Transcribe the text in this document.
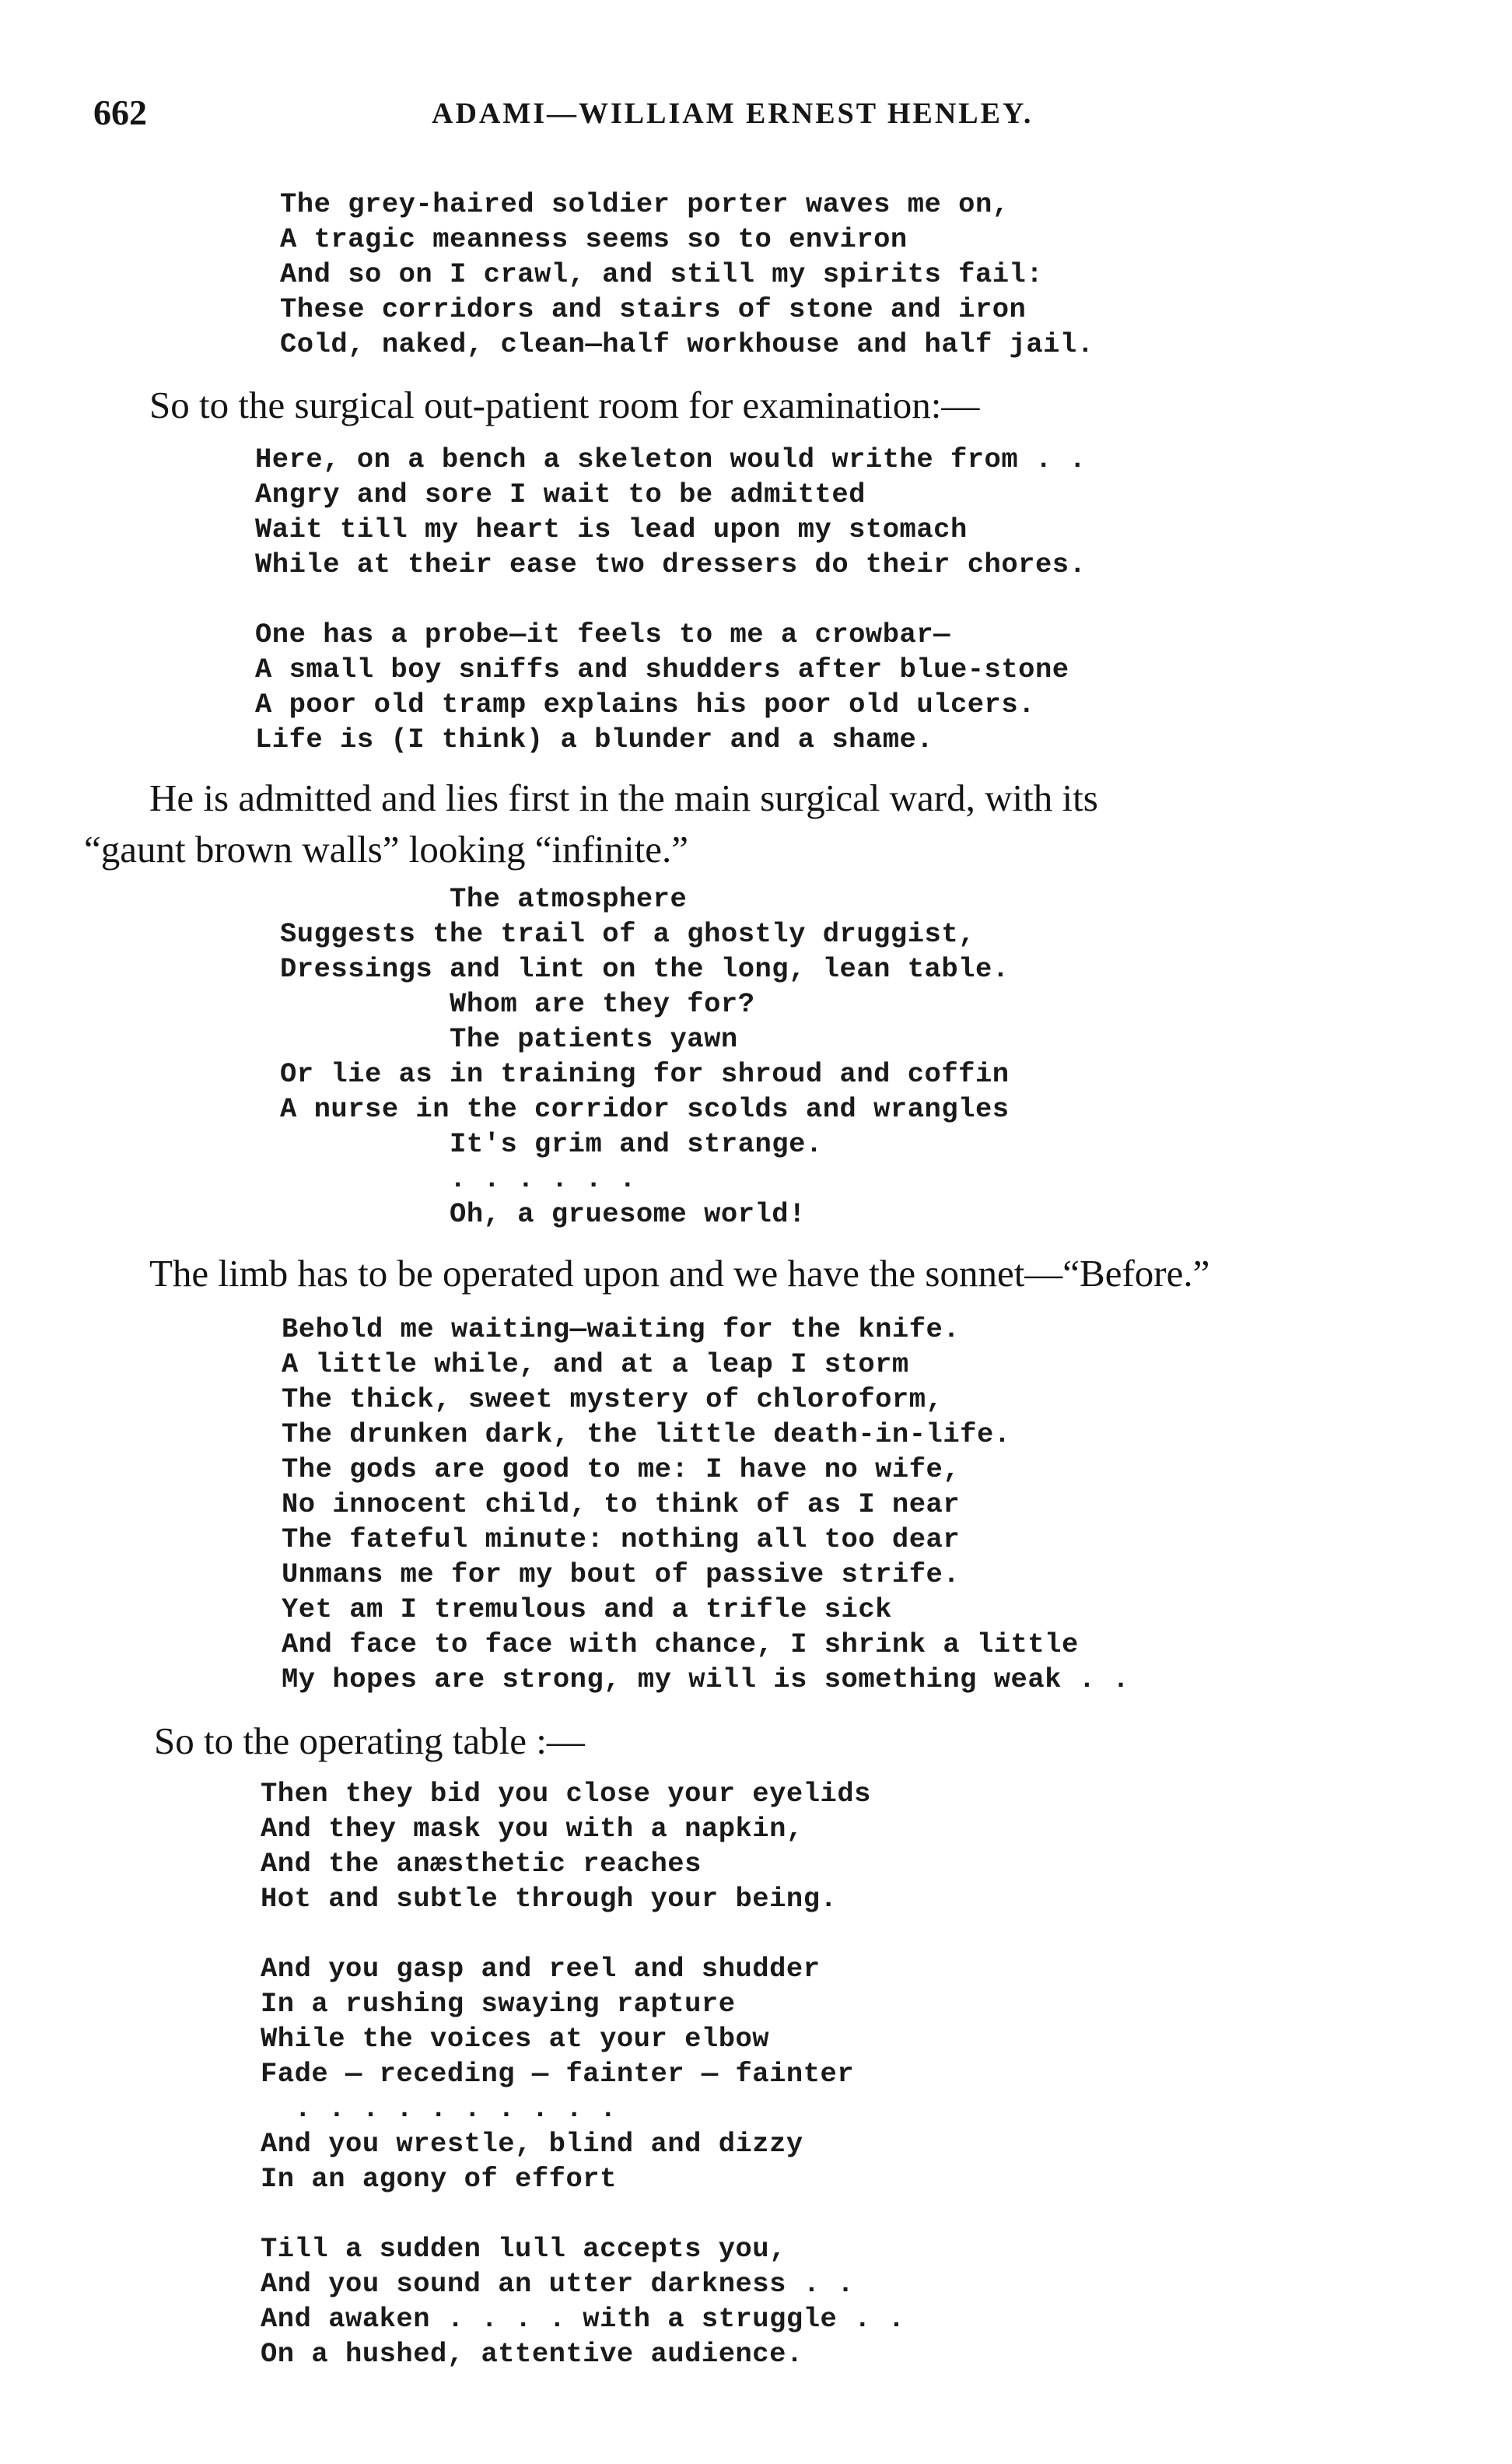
662	ADAMI—WILLIAM ERNEST HENLEY.
The grey-haired soldier porter waves me on,
A tragic meanness seems so to environ
And so on I crawl, and still my spirits fail:
These corridors and stairs of stone and iron
Cold, naked, clean—half workhouse and half jail.
So to the surgical out-patient room for examination:—
Here, on a bench a skeleton would writhe from . .
Angry and sore I wait to be admitted
Wait till my heart is lead upon my stomach
While at their ease two dressers do their chores.
One has a probe—it feels to me a crowbar—
A small boy sniffs and shudders after blue-stone
A poor old tramp explains his poor old ulcers.
Life is (I think) a blunder and a shame.
He is admitted and lies first in the main surgical ward, with its
“gaunt brown walls” looking “infinite.”
The atmosphere
Suggests the trail of a ghostly druggist,
Dressings and lint on the long, lean table.
Whom are they for?
The patients yawn
Or lie as in training for shroud and coffin
A nurse in the corridor scolds and wrangles
It's grim and strange.
. . . . . .
Oh, a gruesome world!
The limb has to be operated upon and we have the sonnet—“Before.”
Behold me waiting—waiting for the knife.
A little while, and at a leap I storm
The thick, sweet mystery of chloroform,
The drunken dark, the little death-in-life.
The gods are good to me: I have no wife,
No innocent child, to think of as I near
The fateful minute: nothing all too dear
Unmans me for my bout of passive strife.
Yet am I tremulous and a trifle sick
And face to face with chance, I shrink a little
My hopes are strong, my will is something weak . .
So to the operating table :—
Then they bid you close your eyelids
And they mask you with a napkin,
And the anæsthetic reaches
Hot and subtle through your being.
And you gasp and reel and shudder
In a rushing swaying rapture
While the voices at your elbow
Fade — receding — fainter — fainter
. . . . . . . . . .
And you wrestle, blind and dizzy
In an agony of effort
Till a sudden lull accepts you,
And you sound an utter darkness . .
And awaken . . . . with a struggle . .
On a hushed, attentive audience.
